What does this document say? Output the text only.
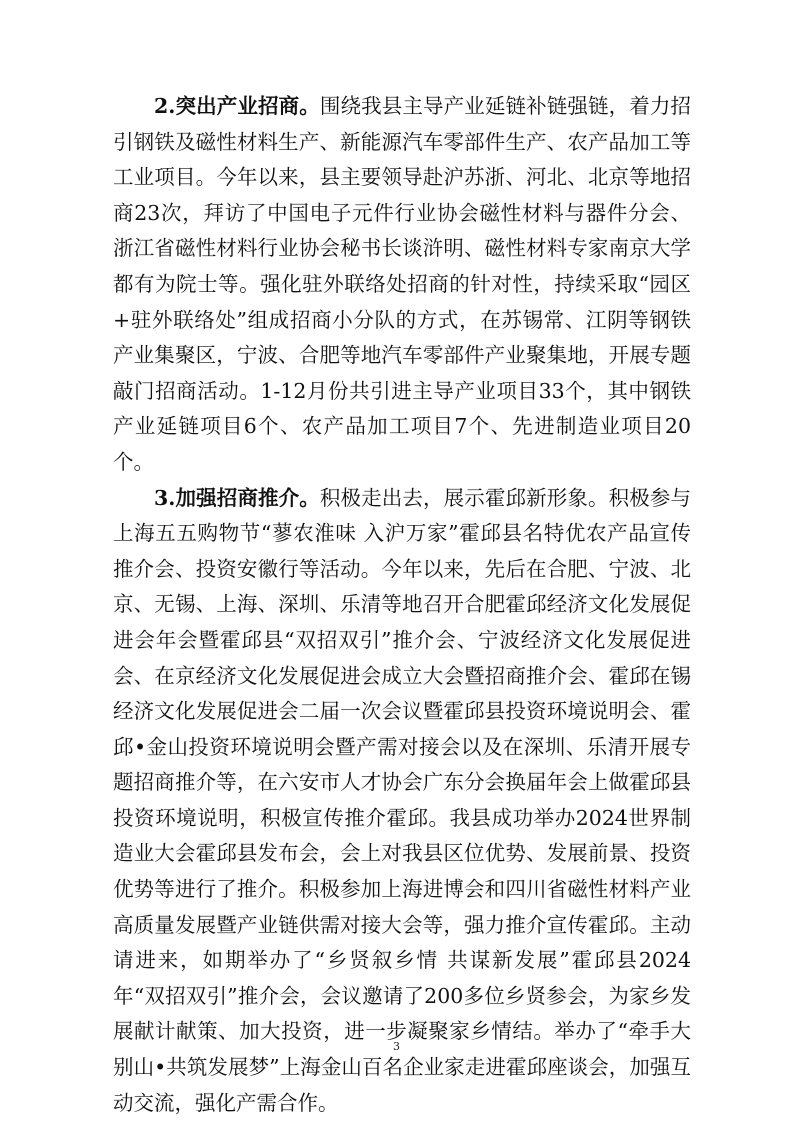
2.突出产业招商。围绕我县主导产业延链补链强链，着力招引钢铁及磁性材料生产、新能源汽车零部件生产、农产品加工等工业项目。今年以来，县主要领导赴沪苏浙、河北、北京等地招商23次，拜访了中国电子元件行业协会磁性材料与器件分会、浙江省磁性材料行业协会秘书长谈浒明、磁性材料专家南京大学都有为院士等。强化驻外联络处招商的针对性，持续采取“园区+驻外联络处”组成招商小分队的方式，在苏锡常、江阴等钢铁产业集聚区，宁波、合肥等地汽车零部件产业聚集地，开展专题敲门招商活动。1-12月份共引进主导产业项目33个，其中钢铁产业延链项目6个、农产品加工项目7个、先进制造业项目20个。

3.加强招商推介。积极走出去，展示霍邱新形象。积极参与上海五五购物节“蓼农淮味 入沪万家”霍邱县名特优农产品宣传推介会、投资安徽行等活动。今年以来，先后在合肥、宁波、北京、无锡、上海、深圳、乐清等地召开合肥霍邱经济文化发展促进会年会暨霍邱县“双招双引”推介会、宁波经济文化发展促进会、在京经济文化发展促进会成立大会暨招商推介会、霍邱在锡经济文化发展促进会二届一次会议暨霍邱县投资环境说明会、霍邱•金山投资环境说明会暨产需对接会以及在深圳、乐清开展专题招商推介等，在六安市人才协会广东分会换届年会上做霍邱县投资环境说明，积极宣传推介霍邱。我县成功举办2024世界制造业大会霍邱县发布会，会上对我县区位优势、发展前景、投资优势等进行了推介。积极参加上海进博会和四川省磁性材料产业高质量发展暨产业链供需对接大会等，强力推介宣传霍邱。主动请进来，如期举办了“乡贤叙乡情 共谋新发展”霍邱县2024年“双招双引”推介会，会议邀请了200多位乡贤参会，为家乡发展献计献策、加大投资，进一步凝聚家乡情结。举办了“牵手大别山•共筑发展梦”上海金山百名企业家走进霍邱座谈会，加强互动交流，强化产需合作。

3
